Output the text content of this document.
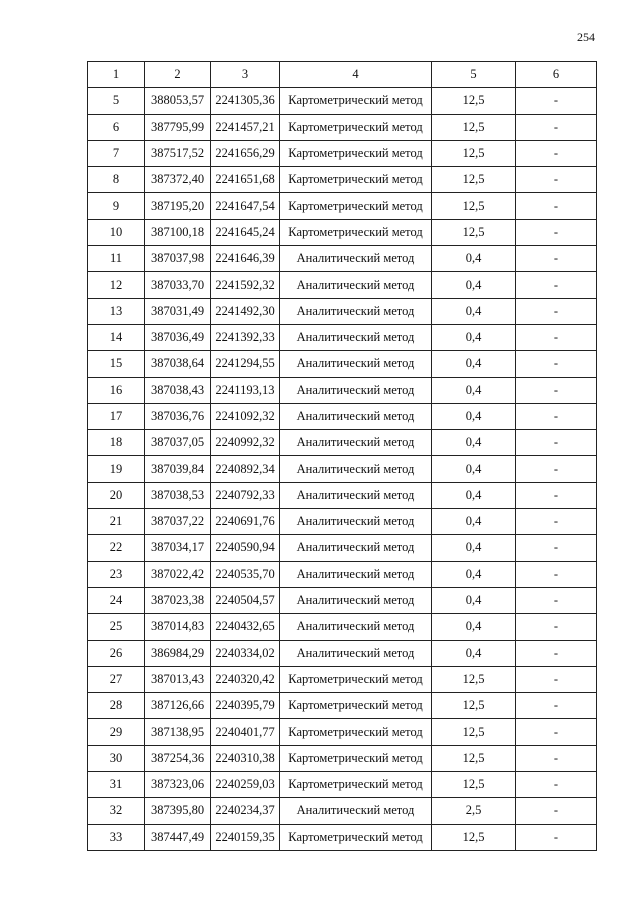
254
1	2	3	4	5	6
5	388053,57	2241305,36	Картометрический метод	12,5	-
6	387795,99	2241457,21	Картометрический метод	12,5	-
7	387517,52	2241656,29	Картометрический метод	12,5	-
8	387372,40	2241651,68	Картометрический метод	12,5	-
9	387195,20	2241647,54	Картометрический метод	12,5	-
10	387100,18	2241645,24	Картометрический метод	12,5	-
11	387037,98	2241646,39	Аналитический метод	0,4	-
12	387033,70	2241592,32	Аналитический метод	0,4	-
13	387031,49	2241492,30	Аналитический метод	0,4	-
14	387036,49	2241392,33	Аналитический метод	0,4	-
15	387038,64	2241294,55	Аналитический метод	0,4	-
16	387038,43	2241193,13	Аналитический метод	0,4	-
17	387036,76	2241092,32	Аналитический метод	0,4	-
18	387037,05	2240992,32	Аналитический метод	0,4	-
19	387039,84	2240892,34	Аналитический метод	0,4	-
20	387038,53	2240792,33	Аналитический метод	0,4	-
21	387037,22	2240691,76	Аналитический метод	0,4	-
22	387034,17	2240590,94	Аналитический метод	0,4	-
23	387022,42	2240535,70	Аналитический метод	0,4	-
24	387023,38	2240504,57	Аналитический метод	0,4	-
25	387014,83	2240432,65	Аналитический метод	0,4	-
26	386984,29	2240334,02	Аналитический метод	0,4	-
27	387013,43	2240320,42	Картометрический метод	12,5	-
28	387126,66	2240395,79	Картометрический метод	12,5	-
29	387138,95	2240401,77	Картометрический метод	12,5	-
30	387254,36	2240310,38	Картометрический метод	12,5	-
31	387323,06	2240259,03	Картометрический метод	12,5	-
32	387395,80	2240234,37	Аналитический метод	2,5	-
33	387447,49	2240159,35	Картометрический метод	12,5	-
